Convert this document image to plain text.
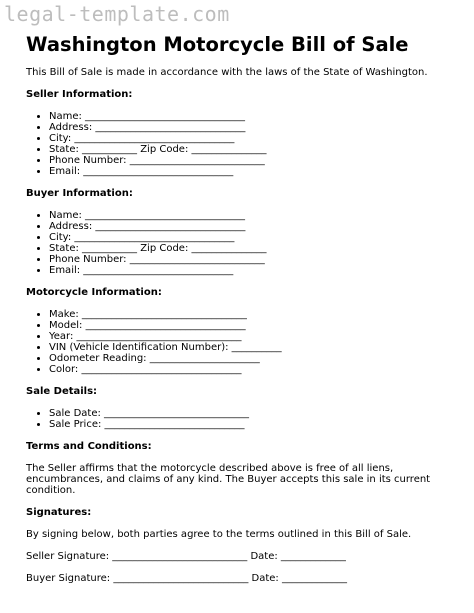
legal-template.com
Washington Motorcycle Bill of Sale

This Bill of Sale is made in accordance with the laws of the State of Washington.

Seller Information:
• Name: ________________________________
• Address: ______________________________
• City: ________________________________
• State: ___________ Zip Code: _______________
• Phone Number: ___________________________
• Email: ______________________________
Buyer Information:
• Name: ________________________________
• Address: ______________________________
• City: ________________________________
• State: ___________ Zip Code: _______________
• Phone Number: ___________________________
• Email: ______________________________
Motorcycle Information:
• Make: _________________________________
• Model: ________________________________
• Year: _________________________________
• VIN (Vehicle Identification Number): __________
• Odometer Reading: ______________________
• Color: ________________________________
Sale Details:
• Sale Date: _____________________________
• Sale Price: ____________________________
Terms and Conditions:

The Seller affirms that the motorcycle described above is free of all liens, encumbrances, and claims of any kind. The Buyer accepts this sale in its current condition.

Signatures:

By signing below, both parties agree to the terms outlined in this Bill of Sale.

Seller Signature: ___________________________ Date: _____________

Buyer Signature: ___________________________ Date: _____________
